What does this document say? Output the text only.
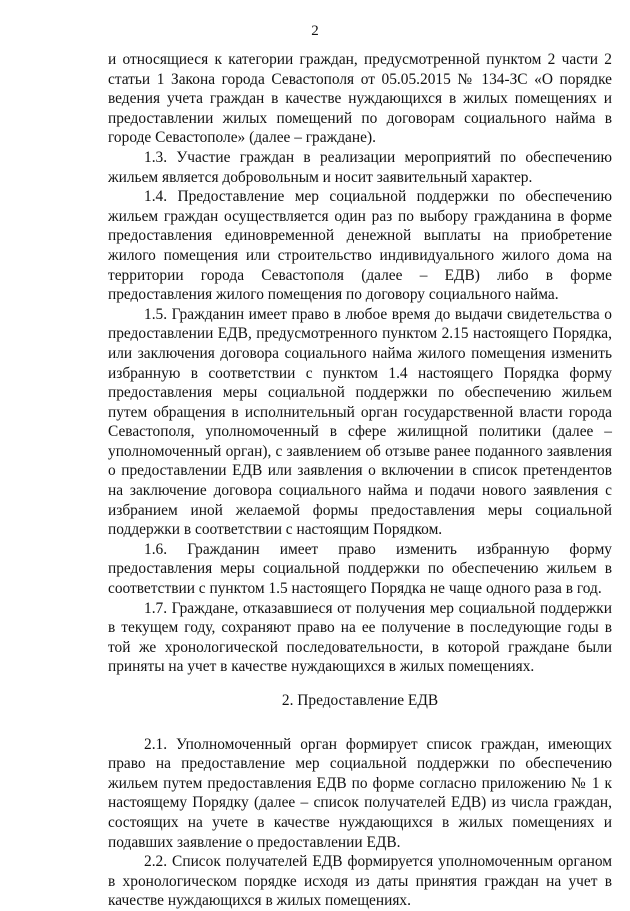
2

и относящиеся к категории граждан, предусмотренной пунктом 2 части 2 статьи 1 Закона города Севастополя от 05.05.2015 № 134-ЗС «О порядке ведения учета граждан в качестве нуждающихся в жилых помещениях и предоставлении жилых помещений по договорам социального найма в городе Севастополе» (далее – граждане).

1.3. Участие граждан в реализации мероприятий по обеспечению жильем является добровольным и носит заявительный характер.

1.4. Предоставление мер социальной поддержки по обеспечению жильем граждан осуществляется один раз по выбору гражданина в форме предоставления единовременной денежной выплаты на приобретение жилого помещения или строительство индивидуального жилого дома на территории города Севастополя (далее – ЕДВ) либо в форме предоставления жилого помещения по договору социального найма.

1.5. Гражданин имеет право в любое время до выдачи свидетельства о предоставлении ЕДВ, предусмотренного пунктом 2.15 настоящего Порядка, или заключения договора социального найма жилого помещения изменить избранную в соответствии с пунктом 1.4 настоящего Порядка форму предоставления меры социальной поддержки по обеспечению жильем путем обращения в исполнительный орган государственной власти города Севастополя, уполномоченный в сфере жилищной политики (далее – уполномоченный орган), с заявлением об отзыве ранее поданного заявления о предоставлении ЕДВ или заявления о включении в список претендентов на заключение договора социального найма и подачи нового заявления с избранием иной желаемой формы предоставления меры социальной поддержки в соответствии с настоящим Порядком.

1.6. Гражданин имеет право изменить избранную форму предоставления меры социальной поддержки по обеспечению жильем в соответствии с пунктом 1.5 настоящего Порядка не чаще одного раза в год.

1.7. Граждане, отказавшиеся от получения мер социальной поддержки в текущем году, сохраняют право на ее получение в последующие годы в той же хронологической последовательности, в которой граждане были приняты на учет в качестве нуждающихся в жилых помещениях.

2. Предоставление ЕДВ

2.1. Уполномоченный орган формирует список граждан, имеющих право на предоставление мер социальной поддержки по обеспечению жильем путем предоставления ЕДВ по форме согласно приложению № 1 к настоящему Порядку (далее – список получателей ЕДВ) из числа граждан, состоящих на учете в качестве нуждающихся в жилых помещениях и подавших заявление о предоставлении ЕДВ.

2.2. Список получателей ЕДВ формируется уполномоченным органом в хронологическом порядке исходя из даты принятия граждан на учет в качестве нуждающихся в жилых помещениях.
